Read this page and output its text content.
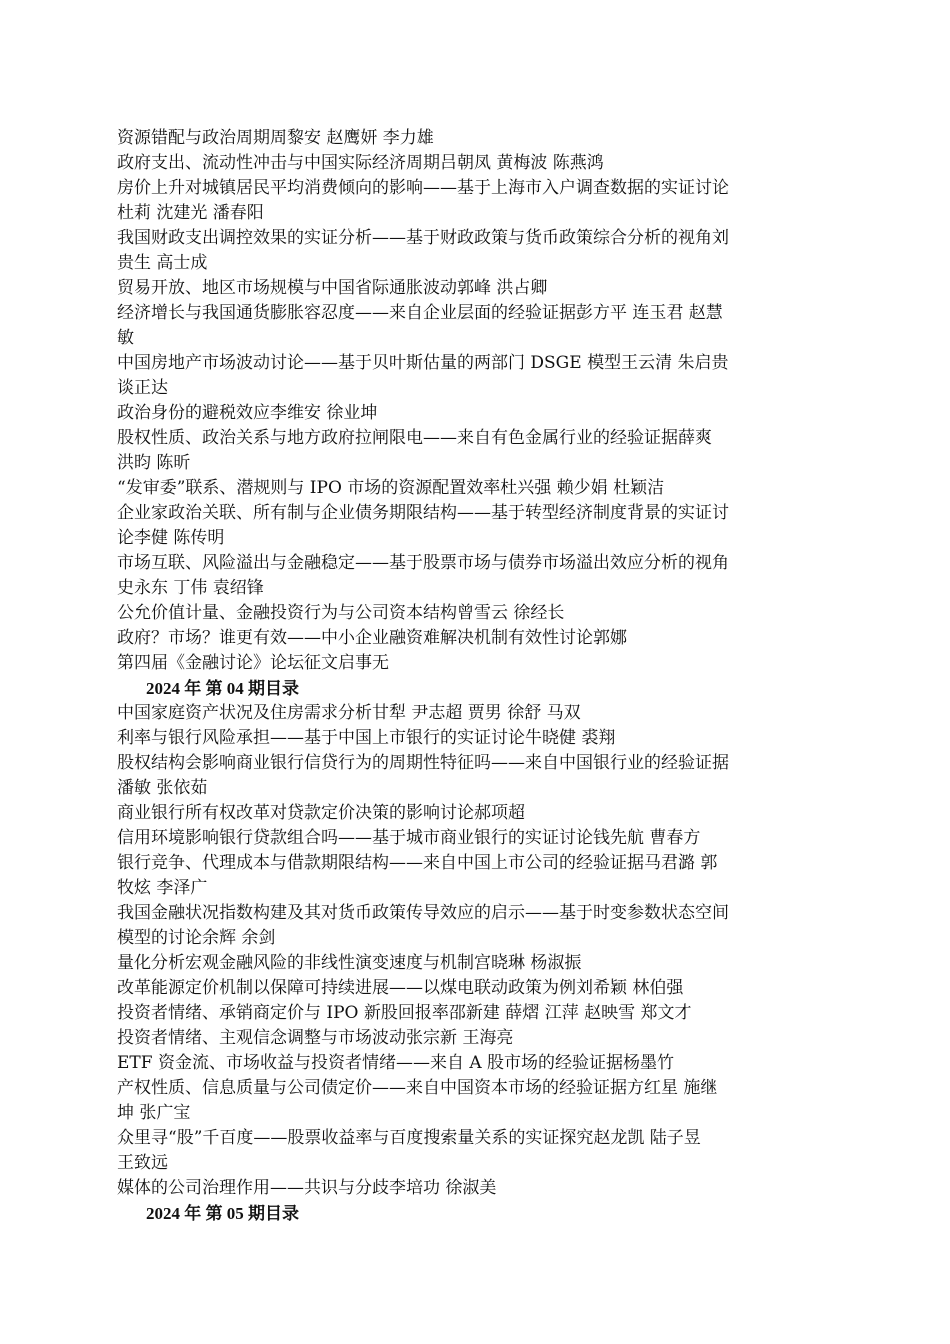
资源错配与政治周期周黎安 赵鹰妍 李力雄
政府支出、流动性冲击与中国实际经济周期吕朝凤 黄梅波 陈燕鸿
房价上升对城镇居民平均消费倾向的影响——基于上海市入户调查数据的实证讨论
杜莉 沈建光 潘春阳
我国财政支出调控效果的实证分析——基于财政政策与货币政策综合分析的视角刘
贵生 高士成
贸易开放、地区市场规模与中国省际通胀波动郭峰 洪占卿
经济增长与我国通货膨胀容忍度——来自企业层面的经验证据彭方平 连玉君 赵慧
敏
中国房地产市场波动讨论——基于贝叶斯估量的两部门 DSGE 模型王云清 朱启贵
谈正达
政治身份的避税效应李维安 徐业坤
股权性质、政治关系与地方政府拉闸限电——来自有色金属行业的经验证据薛爽
洪昀 陈昕
“发审委”联系、潜规则与 IPO 市场的资源配置效率杜兴强 赖少娟 杜颖洁
企业家政治关联、所有制与企业债务期限结构——基于转型经济制度背景的实证讨
论李健 陈传明
市场互联、风险溢出与金融稳定——基于股票市场与债券市场溢出效应分析的视角
史永东 丁伟 袁绍锋
公允价值计量、金融投资行为与公司资本结构曾雪云 徐经长
政府？市场？谁更有效——中小企业融资难解决机制有效性讨论郭娜
第四届《金融讨论》论坛征文启事无
2024 年 第 04 期目录
中国家庭资产状况及住房需求分析甘犁 尹志超 贾男 徐舒 马双
利率与银行风险承担——基于中国上市银行的实证讨论牛晓健 裘翔
股权结构会影响商业银行信贷行为的周期性特征吗——来自中国银行业的经验证据
潘敏 张依茹
商业银行所有权改革对贷款定价决策的影响讨论郝项超
信用环境影响银行贷款组合吗——基于城市商业银行的实证讨论钱先航 曹春方
银行竞争、代理成本与借款期限结构——来自中国上市公司的经验证据马君潞 郭
牧炫 李泽广
我国金融状况指数构建及其对货币政策传导效应的启示——基于时变参数状态空间
模型的讨论余辉 余剑
量化分析宏观金融风险的非线性演变速度与机制宫晓琳 杨淑振
改革能源定价机制以保障可持续进展——以煤电联动政策为例刘希颖 林伯强
投资者情绪、承销商定价与 IPO 新股回报率邵新建 薛熠 江萍 赵映雪 郑文才
投资者情绪、主观信念调整与市场波动张宗新 王海亮
ETF 资金流、市场收益与投资者情绪——来自 A 股市场的经验证据杨墨竹
产权性质、信息质量与公司债定价——来自中国资本市场的经验证据方红星 施继
坤 张广宝
众里寻“股”千百度——股票收益率与百度搜索量关系的实证探究赵龙凯 陆子昱
王致远
媒体的公司治理作用——共识与分歧李培功 徐淑美
2024 年 第 05 期目录
